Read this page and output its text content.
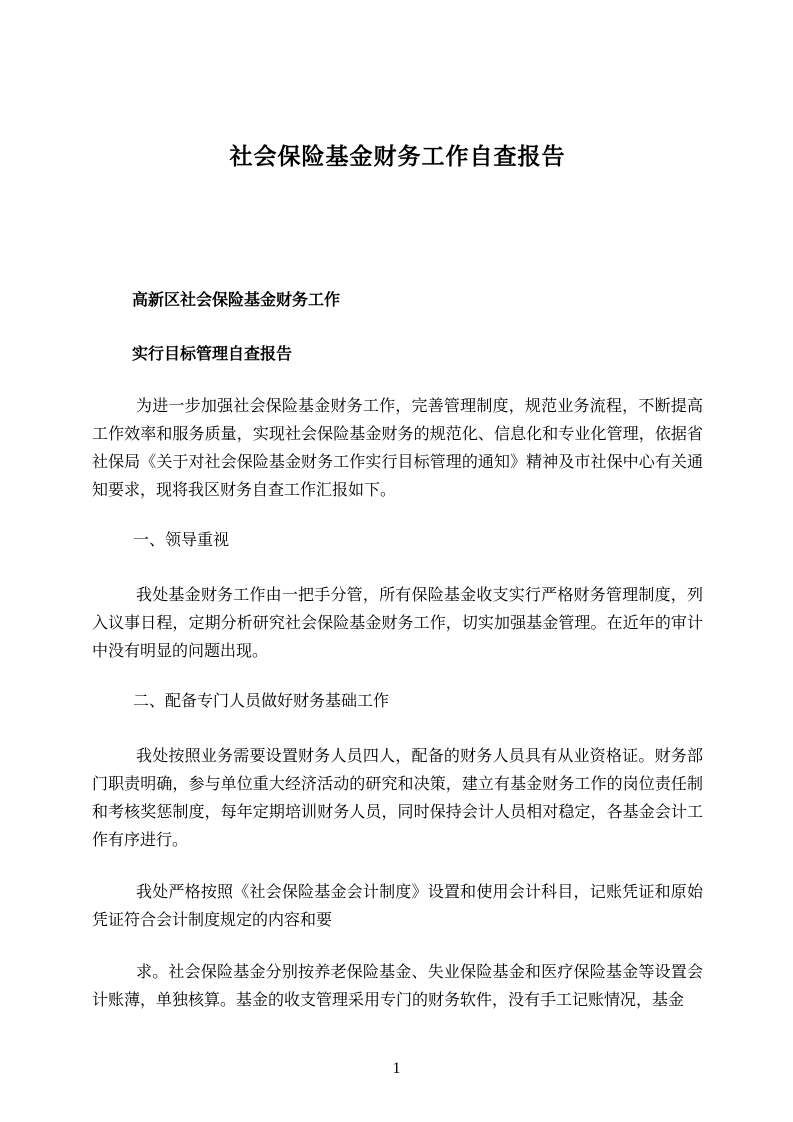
社会保险基金财务工作自查报告

高新区社会保险基金财务工作

实行目标管理自查报告

为进一步加强社会保险基金财务工作，完善管理制度，规范业务流程，不断提高工作效率和服务质量，实现社会保险基金财务的规范化、信息化和专业化管理，依据省社保局《关于对社会保险基金财务工作实行目标管理的通知》精神及市社保中心有关通知要求，现将我区财务自查工作汇报如下。

一、领导重视

我处基金财务工作由一把手分管，所有保险基金收支实行严格财务管理制度，列入议事日程，定期分析研究社会保险基金财务工作，切实加强基金管理。在近年的审计中没有明显的问题出现。

二、配备专门人员做好财务基础工作

我处按照业务需要设置财务人员四人，配备的财务人员具有从业资格证。财务部门职责明确，参与单位重大经济活动的研究和决策，建立有基金财务工作的岗位责任制和考核奖惩制度，每年定期培训财务人员，同时保持会计人员相对稳定，各基金会计工作有序进行。

我处严格按照《社会保险基金会计制度》设置和使用会计科目，记账凭证和原始凭证符合会计制度规定的内容和要

求。社会保险基金分别按养老保险基金、失业保险基金和医疗保险基金等设置会计账薄，单独核算。基金的收支管理采用专门的财务软件，没有手工记账情况，基金

1
